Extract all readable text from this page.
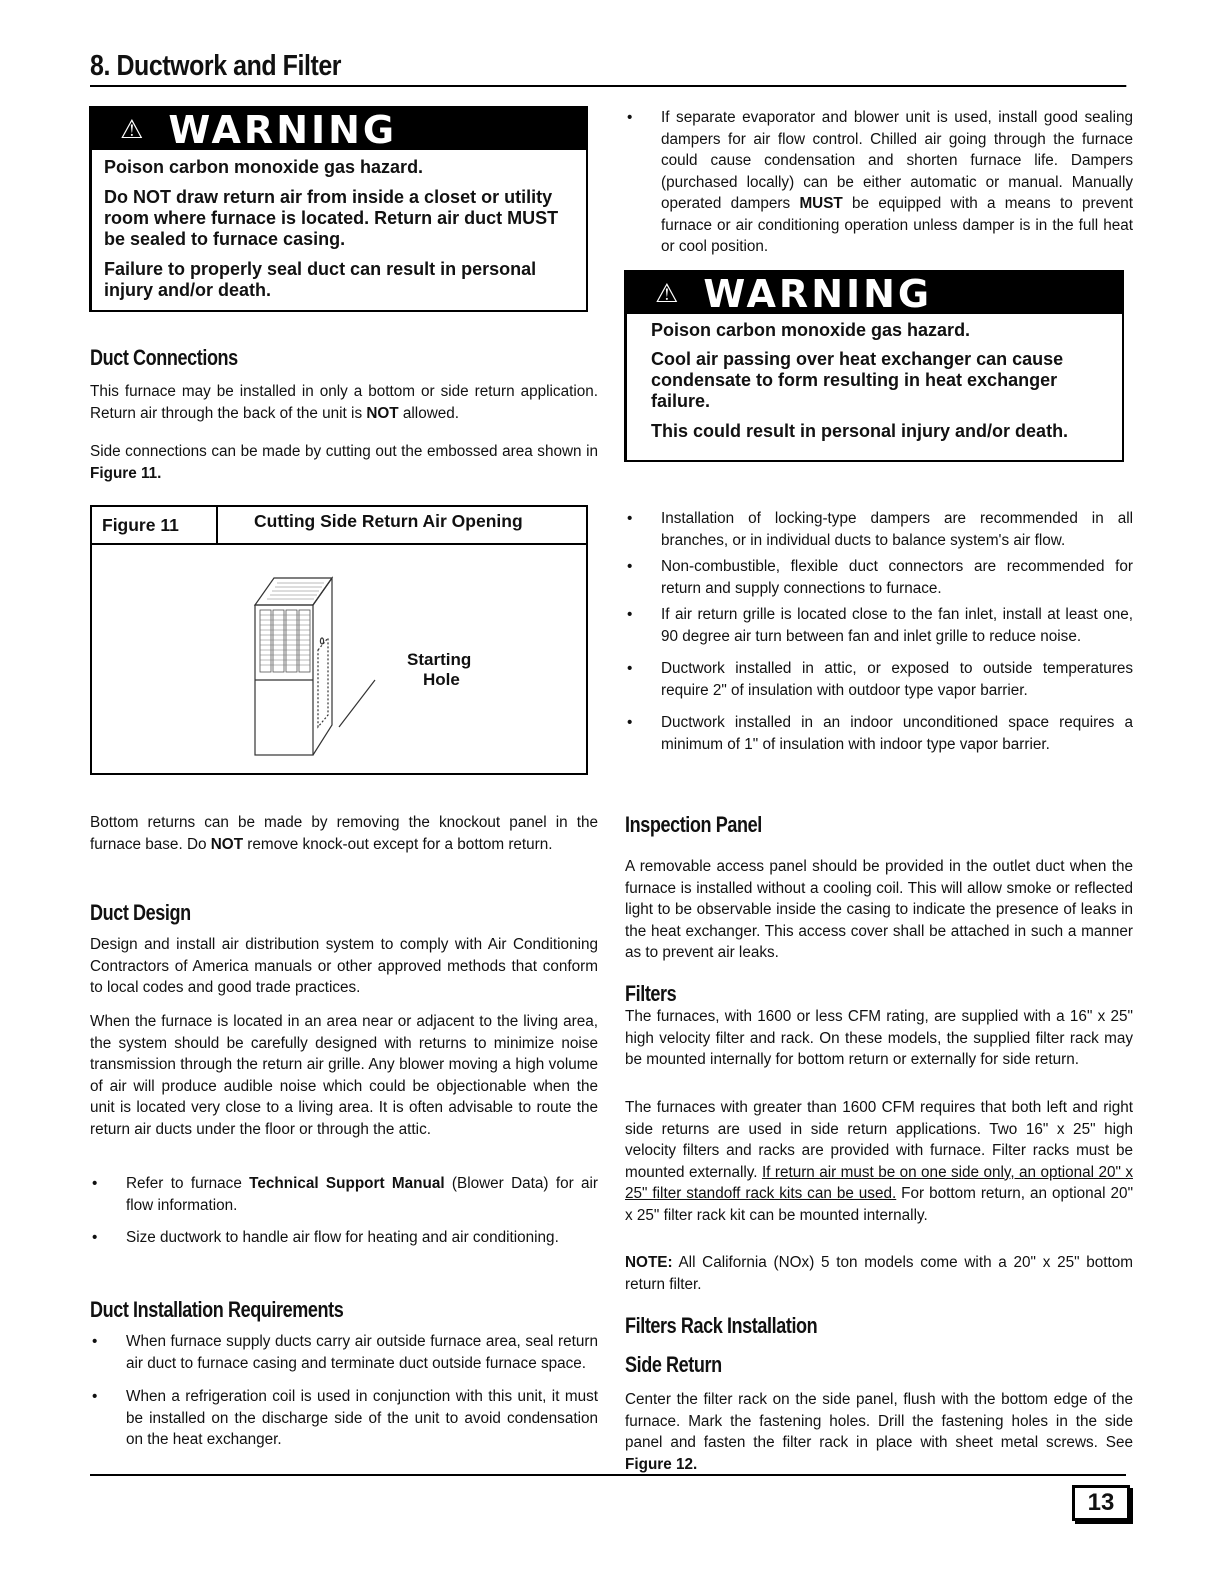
8. Ductwork and Filter
⚠ WARNING

Poison carbon monoxide gas hazard.

Do NOT draw return air from inside a closet or utility room where furnace is located. Return air duct MUST be sealed to furnace casing.

Failure to properly seal duct can result in personal injury and/or death.

Duct Connections

This furnace may be installed in only a bottom or side return application. Return air through the back of the unit is NOT allowed.

Side connections can be made by cutting out the embossed area shown in Figure 11.

Figure 11	Cutting Side Return Air Opening
Starting
Hole

Bottom returns can be made by removing the knockout panel in the furnace base. Do NOT remove knock-out except for a bottom return.

Duct Design

Design and install air distribution system to comply with Air Conditioning Contractors of America manuals or other approved methods that conform to local codes and good trade practices.

When the furnace is located in an area near or adjacent to the living area, the system should be carefully designed with returns to minimize noise transmission through the return air grille. Any blower moving a high volume of air will produce audible noise which could be objectionable when the unit is located very close to a living area. It is often advisable to route the return air ducts under the floor or through the attic.

• Refer to furnace Technical Support Manual (Blower Data) for air flow information.
• Size ductwork to handle air flow for heating and air conditioning.
Duct Installation Requirements
• When furnace supply ducts carry air outside furnace area, seal return air duct to furnace casing and terminate duct outside furnace space.
• When a refrigeration coil is used in conjunction with this unit, it must be installed on the discharge side of the unit to avoid condensation on the heat exchanger.
• If separate evaporator and blower unit is used, install good sealing dampers for air flow control. Chilled air going through the furnace could cause condensation and shorten furnace life. Dampers (purchased locally) can be either automatic or manual. Manually operated dampers MUST be equipped with a means to prevent furnace or air conditioning operation unless damper is in the full heat or cool position.
⚠ WARNING

Poison carbon monoxide gas hazard.

Cool air passing over heat exchanger can cause condensate to form resulting in heat exchanger failure.

This could result in personal injury and/or death.

• Installation of locking-type dampers are recommended in all branches, or in individual ducts to balance system's air flow.
• Non-combustible, flexible duct connectors are recommended for return and supply connections to furnace.
• If air return grille is located close to the fan inlet, install at least one, 90 degree air turn between fan and inlet grille to reduce noise.
• Ductwork installed in attic, or exposed to outside temperatures require 2" of insulation with outdoor type vapor barrier.
• Ductwork installed in an indoor unconditioned space requires a minimum of 1" of insulation with indoor type vapor barrier.
Inspection Panel

A removable access panel should be provided in the outlet duct when the furnace is installed without a cooling coil. This will allow smoke or reflected light to be observable inside the casing to indicate the presence of leaks in the heat exchanger. This access cover shall be attached in such a manner as to prevent air leaks.

Filters

The furnaces, with 1600 or less CFM rating, are supplied with a 16" x 25" high velocity filter and rack. On these models, the supplied filter rack may be mounted internally for bottom return or externally for side return.

The furnaces with greater than 1600 CFM requires that both left and right side returns are used in side return applications. Two 16" x 25" high velocity filters and racks are provided with furnace. Filter racks must be mounted externally. If return air must be on one side only, an optional 20" x 25" filter standoff rack kits can be used. For bottom return, an optional 20" x 25" filter rack kit can be mounted internally.

NOTE: All California (NOx) 5 ton models come with a 20" x 25" bottom return filter.

Filters Rack Installation
Side Return

Center the filter rack on the side panel, flush with the bottom edge of the furnace. Mark the fastening holes. Drill the fastening holes in the side panel and fasten the filter rack in place with sheet metal screws. See Figure 12.

13
